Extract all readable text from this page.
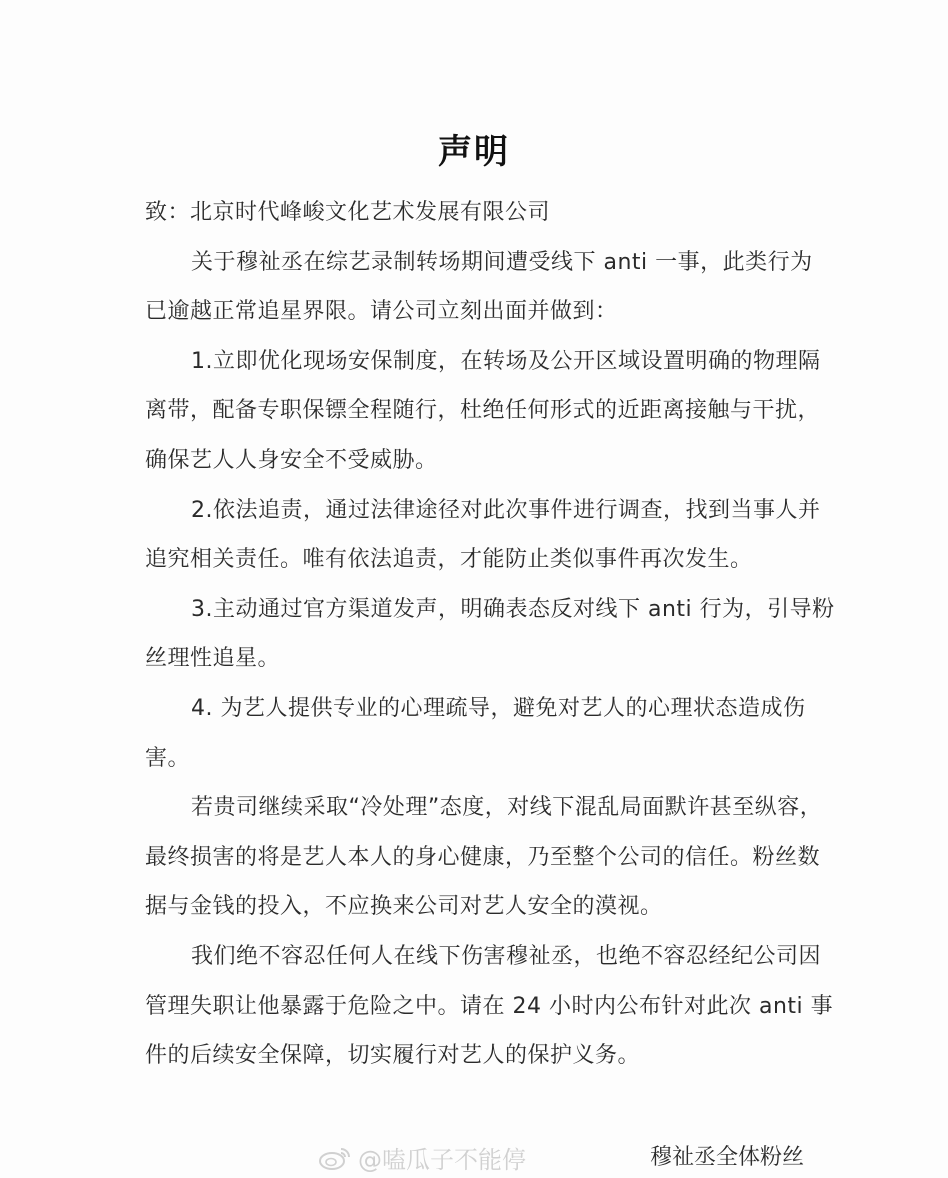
声明
致：北京时代峰峻文化艺术发展有限公司
关于穆祉丞在综艺录制转场期间遭受线下 anti 一事，此类行为
已逾越正常追星界限。请公司立刻出面并做到：
1.立即优化现场安保制度，在转场及公开区域设置明确的物理隔
离带，配备专职保镖全程随行，杜绝任何形式的近距离接触与干扰，
确保艺人人身安全不受威胁。
2.依法追责，通过法律途径对此次事件进行调查，找到当事人并
追究相关责任。唯有依法追责，才能防止类似事件再次发生。
3.主动通过官方渠道发声，明确表态反对线下 anti 行为，引导粉
丝理性追星。
4. 为艺人提供专业的心理疏导，避免对艺人的心理状态造成伤
害。
若贵司继续采取“冷处理”态度，对线下混乱局面默许甚至纵容，
最终损害的将是艺人本人的身心健康，乃至整个公司的信任。粉丝数
据与金钱的投入，不应换来公司对艺人安全的漠视。
我们绝不容忍任何人在线下伤害穆祉丞，也绝不容忍经纪公司因
管理失职让他暴露于危险之中。请在 24 小时内公布针对此次 anti 事
件的后续安全保障，切实履行对艺人的保护义务。
@嗑瓜子不能停	穆祉丞全体粉丝
